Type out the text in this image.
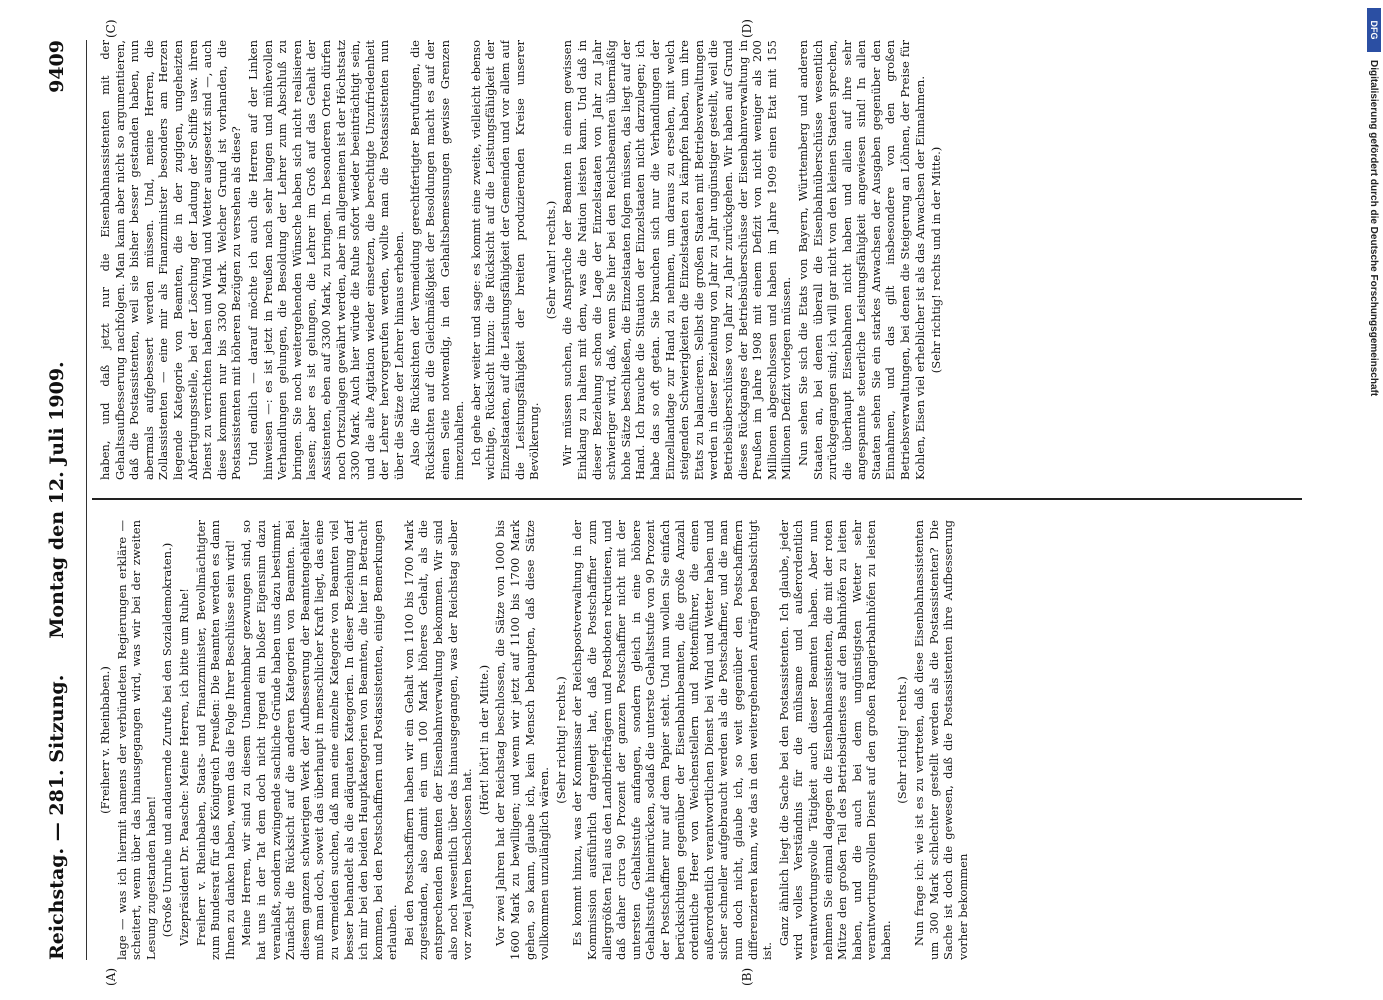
Reichstag. — 281. Sitzung.
Montag den 12. Juli 1909.
9409
(A)	(B)
(C)	(D)

(Freiherr v. Rheinbaben.) lage — was ich hiermit namens der verbündeten Regierungen erkläre — scheitert, wenn über das hinausgegangen wird, was wir bei der zweiten Lesung zugestanden haben! (Große Unruhe und andauernde Zurufe bei den Sozialdemokraten.) Vizepräsident Dr. Paasche: Meine Herren, ich bitte um Ruhe! Freiherr v. Rheinbaben, Staats- und Finanzminister, Bevollmächtigter zum Bundesrat für das Königreich Preußen: Die Beamten werden es dann Ihnen zu danken haben, wenn das die Folge Ihrer Beschlüsse sein wird! Meine Herren, wir sind zu diesem Unannehmbar gezwungen sind, so hat uns in der Tat dem doch nicht irgend ein bloßer Eigensinn dazu veranlaßt, sondern zwingende sachliche Gründe haben uns dazu bestimmt. Zunächst die Rücksicht auf die anderen Kategorien von Beamten. Bei diesem ganzen schwierigen Werk der Aufbesserung der Beamtengehälter muß man doch, soweit das überhaupt in menschlicher Kraft liegt, das eine zu vermeiden suchen, daß man eine einzelne Kategorie von Beamten viel besser behandelt als die adäquaten Kategorien. In dieser Beziehung darf ich mir bei den beiden Hauptkategorien von Beamten, die hier in Betracht kommen, bei den Postschaffnern und Postassistenten, einige Bemerkungen erlauben. Bei den Postschaffnern haben wir ein Gehalt von 1100 bis 1700 Mark zugestanden, also damit ein um 100 Mark höheres Gehalt, als die entsprechenden Beamten der Eisenbahnverwaltung bekommen. Wir sind also noch wesentlich über das hinausgegangen, was der Reichstag selber vor zwei Jahren beschlossen hat.

(Hört! hört! in der Mitte.) Vor zwei Jahren hat der Reichstag beschlossen, die Sätze von 1000 bis 1600 Mark zu bewilligen; und wenn wir jetzt auf 1100 bis 1700 Mark gehen, so kann, glaube ich, kein Mensch behaupten, daß diese Sätze vollkommen unzulänglich wären.

(Sehr richtig! rechts.) Es kommt hinzu, was der Kommissar der Reichspostverwaltung in der Kommission ausführlich dargelegt hat, daß die Postschaffner zum allergrößten Teil aus den Landbriefträgern und Postboten rekrutieren, und daß daher circa 90 Prozent der ganzen Postschaffner nicht mit der untersten Gehaltsstufe anfangen, sondern gleich in eine höhere Gehaltsstufe hineinrücken, sodaß die unterste Gehaltsstufe von 90 Prozent der Postschaffner nur auf dem Papier steht. Und nun wollen Sie einfach berücksichtigen gegenüber der Eisenbahnbeamten, die große Anzahl ordentliche Heer von Weichenstellern und Rottenführer, die einen außerordentlich verantwortlichen Dienst bei Wind und Wetter haben und sicher schneller aufgebraucht werden als die Postschaffner, und die man nun doch nicht, glaube ich, so weit gegenüber den Postschaffnern differenzieren kann, wie das in den weitergehenden Anträgen beabsichtigt ist.

Ganz ähnlich liegt die Sache bei den Postassistenten. Ich glaube, jeder wird volles Verständnis für die mühsame und außerordentlich verantwortungsvolle Tätigkeit auch dieser Beamten haben. Aber nun nehmen Sie einmal dagegen die Eisenbahnassistenten, die mit der roten Mütze den großen Teil des Betriebsdienstes auf den Bahnhöfen zu leiten haben, und die auch bei dem ungünstigsten Wetter sehr verantwortungsvollen Dienst auf den großen Rangierbahnhöfen zu leisten haben.

(Sehr richtig! rechts.) Nun frage ich: wie ist es zu vertreten, daß diese Eisenbahnassistenten um 300 Mark schlechter gestellt werden als die Postassistenten? Die Sache ist doch die gewesen, daß die Postassistenten ihre Aufbesserung vorher bekommen

haben, und daß jetzt nur die Eisenbahnassistenten mit der Gehaltsaufbesserung nachfolgen. Man kann aber nicht so argumentieren, daß die Postassistenten, weil sie bisher besser gestanden haben, nun abermals aufgebessert werden müssen. Und, meine Herren, die Zollassistenten — eine mir als Finanzminister besonders am Herzen liegende Kategorie von Beamten, die in der zugigen, ungeheizten Abfertigungsstelle, bei der Löschung der Ladung der Schiffe usw. ihren Dienst zu verrichten haben und Wind und Wetter ausgesetzt sind —, auch diese kommen nur bis 3300 Mark. Welcher Grund ist vorhanden, die Postassistenten mit höheren Bezügen zu versehen als diese? Und endlich — darauf möchte ich auch die Herren auf der Linken hinweisen —: es ist jetzt in Preußen nach sehr langen und mühevollen Verhandlungen gelungen, die Besoldung der Lehrer zum Abschluß zu bringen. Sie noch weitergehenden Wünsche haben sich nicht realisieren lassen; aber es ist gelungen, die Lehrer im Groß auf das Gehalt der Assistenten, eben auf 3300 Mark, zu bringen. In besonderen Orten dürfen noch Ortszulagen gewährt werden, aber im allgemeinen ist der Höchstsatz 3300 Mark. Auch hier würde die Ruhe sofort wieder beeinträchtigt sein, und die alte Agitation wieder einsetzen, die berechtigte Unzufriedenheit der Lehrer hervorgerufen werden, wollte man die Postassistenten nun über die Sätze der Lehrer hinaus erheben. Also die Rücksichten der Vermeidung gerechtfertigter Berufungen, die Rücksichten auf die Gleichmäßigkeit der Besoldungen macht es auf der einen Seite notwendig, in den Gehaltsbemessungen gewisse Grenzen innezuhalten. Ich gehe aber weiter und sage: es kommt eine zweite, vielleicht ebenso wichtige, Rücksicht hinzu: die Rücksicht auf die Leistungsfähigkeit der Einzelstaaten, auf die Leistungsfähigkeit der Gemeinden und vor allem auf die Leistungsfähigkeit der breiten produzierenden Kreise unserer Bevölkerung.

(Sehr wahr! rechts.) Wir müssen suchen, die Ansprüche der Beamten in einem gewissen Einklang zu halten mit dem, was die Nation leisten kann. Und daß in dieser Beziehung schon die Lage der Einzelstaaten von Jahr zu Jahr schwieriger wird, daß, wenn Sie hier bei den Reichsbeamten übermäßig hohe Sätze beschließen, die Einzelstaaten folgen müssen, das liegt auf der Hand. Ich brauche die Situation der Einzelstaaten nicht darzulegen; ich habe das so oft getan. Sie brauchen sich nur die Verhandlungen der Einzellandtage zur Hand zu nehmen, um daraus zu ersehen, mit welch steigenden Schwierigkeiten die Einzelstaaten zu kämpfen haben, um ihre Etats zu balancieren. Selbst die großen Staaten mit Betriebsverwaltungen werden in dieser Beziehung von Jahr zu Jahr ungünstiger gestellt, weil die Betriebsüberschüsse von Jahr zu Jahr zurückgehen. Wir haben auf Grund dieses Rückganges der Betriebsüberschüsse der Eisenbahnverwaltung in Preußen im Jahre 1908 mit einem Defizit von nicht weniger als 200 Millionen abgeschlossen und haben im Jahre 1909 einen Etat mit 155 Millionen Defizit vorlegen müssen. Nun sehen Sie sich die Etats von Bayern, Württemberg und anderen Staaten an, bei denen überall die Eisenbahnüberschüsse wesentlich zurückgegangen sind; ich will gar nicht von den kleinen Staaten sprechen, die überhaupt Eisenbahnen nicht haben und allein auf ihre sehr angespannte steuerliche Leistungsfähigkeit angewiesen sind! In allen Staaten sehen Sie ein starkes Anwachsen der Ausgaben gegenüber den Einnahmen, und das gilt insbesondere von den großen Betriebsverwaltungen, bei denen die Steigerung an Löhnen, der Preise für Kohlen, Eisen viel erheblicher ist als das Anwachsen der Einnahmen. (Sehr richtig! rechts und in der Mitte.)

DFG
Digitalisierung gefördert durch die Deutsche Forschungsgemeinschaft
